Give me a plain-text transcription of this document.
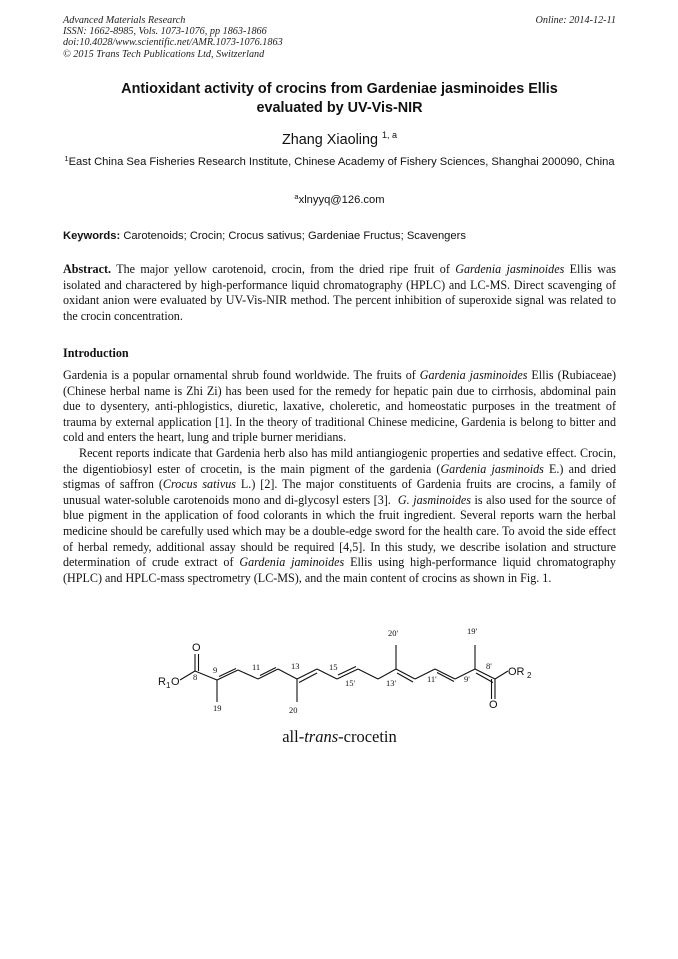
Advanced Materials Research
ISSN: 1662-8985, Vols. 1073-1076, pp 1863-1866
doi:10.4028/www.scientific.net/AMR.1073-1076.1863
© 2015 Trans Tech Publications Ltd, Switzerland
Online: 2014-12-11
Antioxidant activity of crocins from Gardeniae jasminoides Ellis
evaluated by UV-Vis-NIR
Zhang Xiaoling $^{1, a}$
$^1$East China Sea Fisheries Research Institute, Chinese Academy of Fishery Sciences, Shanghai 200090, China
$^a$xlnyyq@126.com
Keywords: Carotenoids; Crocin; Crocus sativus; Gardeniae Fructus; Scavengers
Abstract. The major yellow carotenoid, crocin, from the dried ripe fruit of Gardenia jasminoides Ellis was isolated and charactered by high-performance liquid chromatography (HPLC) and LC-MS. Direct scavenging of oxidant anion were evaluated by UV-Vis-NIR method. The percent inhibition of superoxide signal was related to the crocin concentration.
Introduction

Gardenia is a popular ornamental shrub found worldwide. The fruits of Gardenia jasminoides Ellis (Rubiaceae) (Chinese herbal name is Zhi Zi) has been used for the remedy for hepatic pain due to cirrhosis, abdominal pain due to dysentery, anti-phlogistics, diuretic, laxative, choleretic, and homeostatic purposes in the treatment of trauma by external application [1]. In the theory of traditional Chinese medicine, Gardenia is belong to bitter and cold and enters the heart, lung and triple burner meridians.

Recent reports indicate that Gardenia herb also has mild antiangiogenic properties and sedative effect. Crocin, the digentiobiosyl ester of crocetin, is the main pigment of the gardenia (Gardenia jasminoids E.) and dried stigmas of saffron (Crocus sativus L.) [2]. The major constituents of Gardenia fruits are crocins, a family of unusual water-soluble carotenoids mono and di-glycosyl esters [3]. G. jasminoides is also used for the source of blue pigment in the application of food colorants in which the fruit ingredient. Several reports warn the herbal medicine should be carefully used which may be a double-edge sword for the health care. To avoid the side effect of herbal remedy, additional assay should be required [4,5]. In this study, we describe isolation and structure determination of crude extract of Gardenia jaminoides Ellis using high-performance liquid chromatography (HPLC) and HPLC-mass spectrometry (LC-MS), and the main content of crocins as shown in Fig. 1.

O
R 1 O
OR 2
O
8
9	11	13	15
19	20
15'	13'	11'	9'
8'
20'	19'
all-trans-crocetin
